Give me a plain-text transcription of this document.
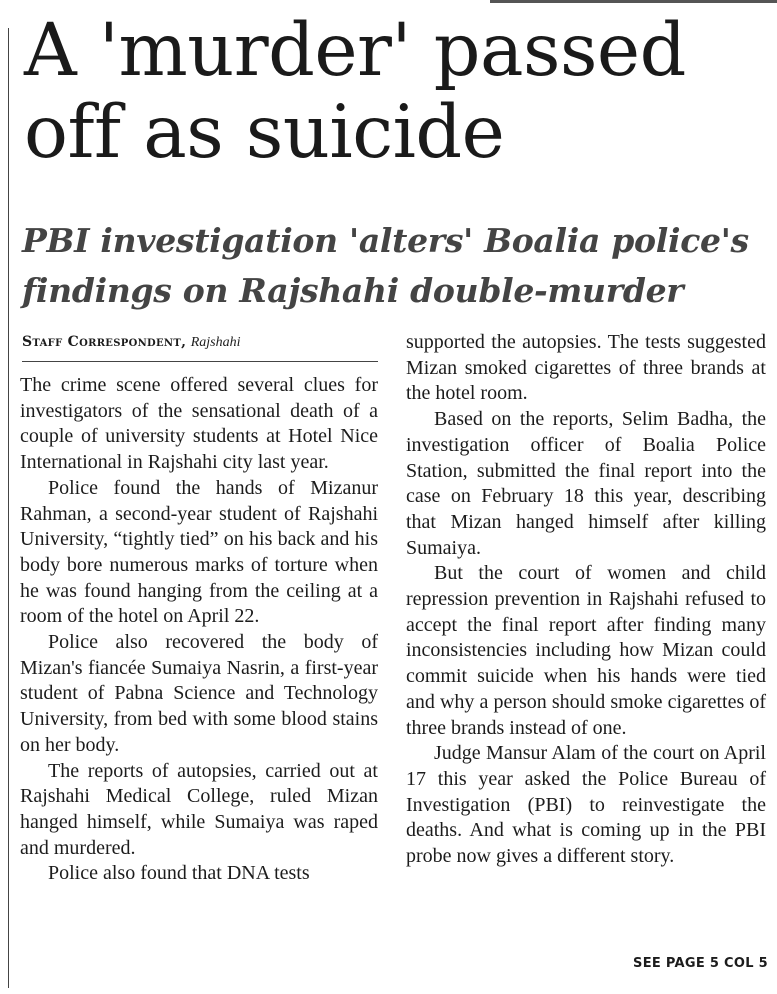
A 'murder' passed off as suicide
PBI investigation 'alters' Boalia police's findings on Rajshahi double-murder
Staff Correspondent, Rajshahi

The crime scene offered several clues for investigators of the sensational death of a couple of university students at Hotel Nice International in Rajshahi city last year.

Police found the hands of Mizanur Rahman, a second-year student of Rajshahi University, “tightly tied” on his back and his body bore numerous marks of torture when he was found hanging from the ceiling at a room of the hotel on April 22.

Police also recovered the body of Mizan's fiancée Sumaiya Nasrin, a first-year student of Pabna Science and Technology University, from bed with some blood stains on her body.

The reports of autopsies, carried out at Rajshahi Medical College, ruled Mizan hanged himself, while Sumaiya was raped and murdered.

Police also found that DNA tests

supported the autopsies. The tests suggested Mizan smoked cigarettes of three brands at the hotel room.

Based on the reports, Selim Badha, the investigation officer of Boalia Police Station, submitted the final report into the case on February 18 this year, describing that Mizan hanged himself after killing Sumaiya.

But the court of women and child repression prevention in Rajshahi refused to accept the final report after finding many inconsistencies including how Mizan could commit suicide when his hands were tied and why a person should smoke cigarettes of three brands instead of one.

Judge Mansur Alam of the court on April 17 this year asked the Police Bureau of Investigation (PBI) to reinvestigate the deaths. And what is coming up in the PBI probe now gives a different story.

SEE PAGE 5 COL 5
